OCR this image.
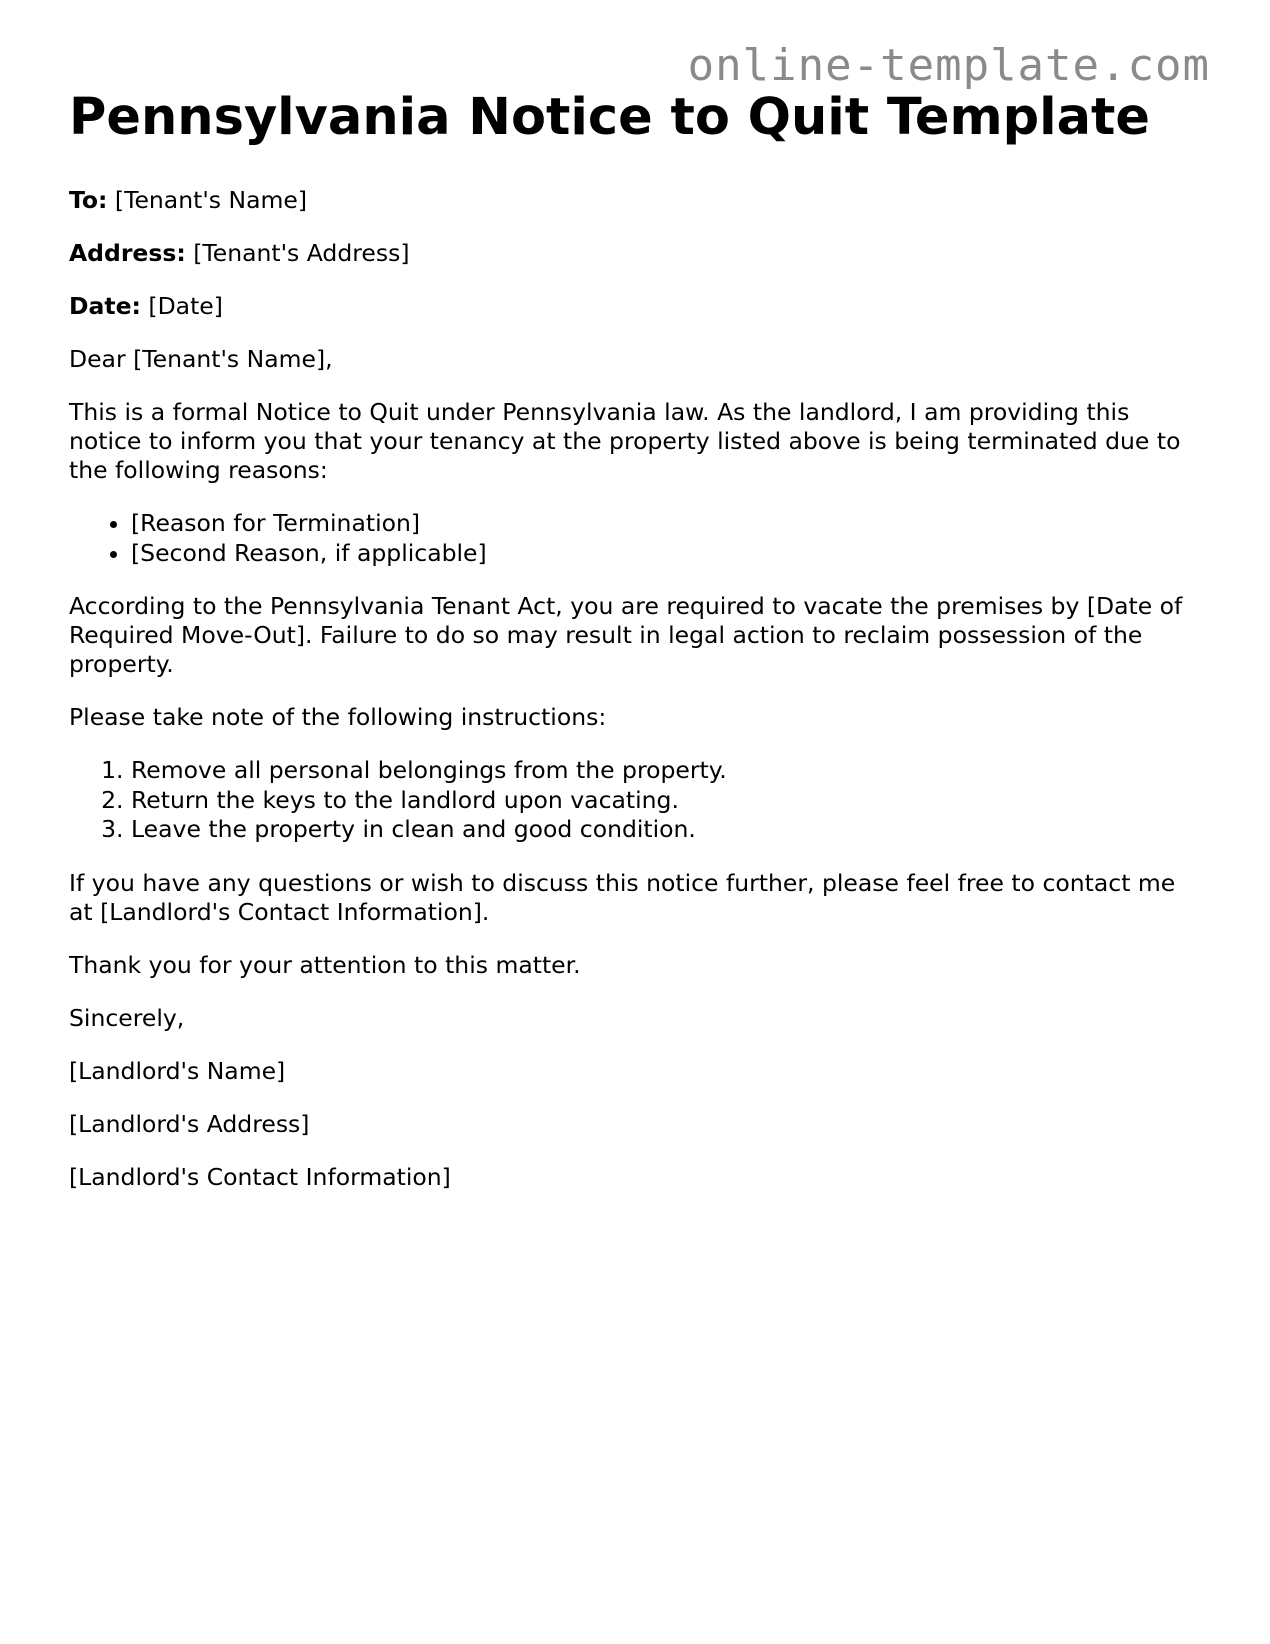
online-template.com
Pennsylvania Notice to Quit Template

To: [Tenant's Name]

Address: [Tenant's Address]

Date: [Date]

Dear [Tenant's Name],

This is a formal Notice to Quit under Pennsylvania law. As the landlord, I am providing this notice to inform you that your tenancy at the property listed above is being terminated due to the following reasons:

• [Reason for Termination]
• [Second Reason, if applicable]

According to the Pennsylvania Tenant Act, you are required to vacate the premises by [Date of Required Move-Out]. Failure to do so may result in legal action to reclaim possession of the property.

Please take note of the following instructions:

1. Remove all personal belongings from the property.
2. Return the keys to the landlord upon vacating.
3. Leave the property in clean and good condition.

If you have any questions or wish to discuss this notice further, please feel free to contact me at [Landlord's Contact Information].

Thank you for your attention to this matter.

Sincerely,

[Landlord's Name]

[Landlord's Address]

[Landlord's Contact Information]
